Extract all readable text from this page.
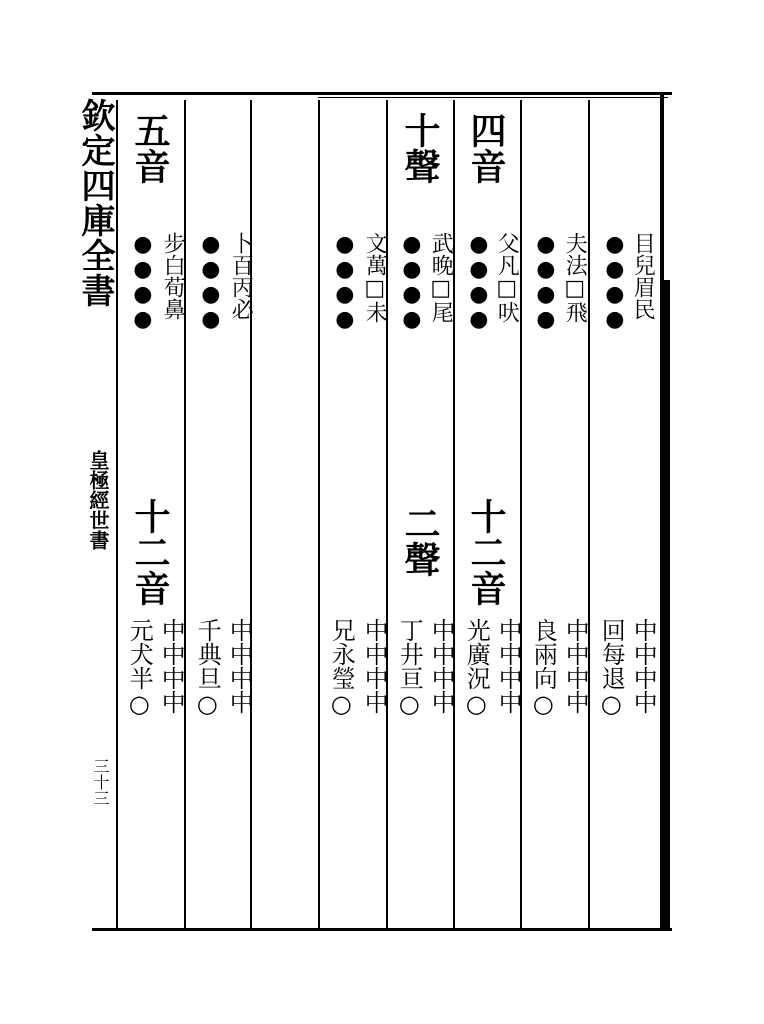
欽定四庫全書
皇極經世書
三十三
目兒眉民
●●●●
中中中中
回每退○
夫法□飛
●●●●
中中中中
良兩向○
四音
父凡□吠
●●●●
十二音
中中中中
光廣況○
十聲
武晚□尾
●●●●
二聲
中中中中
丁井亘○
文萬□未
●●●●
中中中中
兄永瑩○
卜百丙必
●●●●
中中中中
千典旦○
五音
步白荀鼻
●●●●
十二音
中中中中
元犬半○
